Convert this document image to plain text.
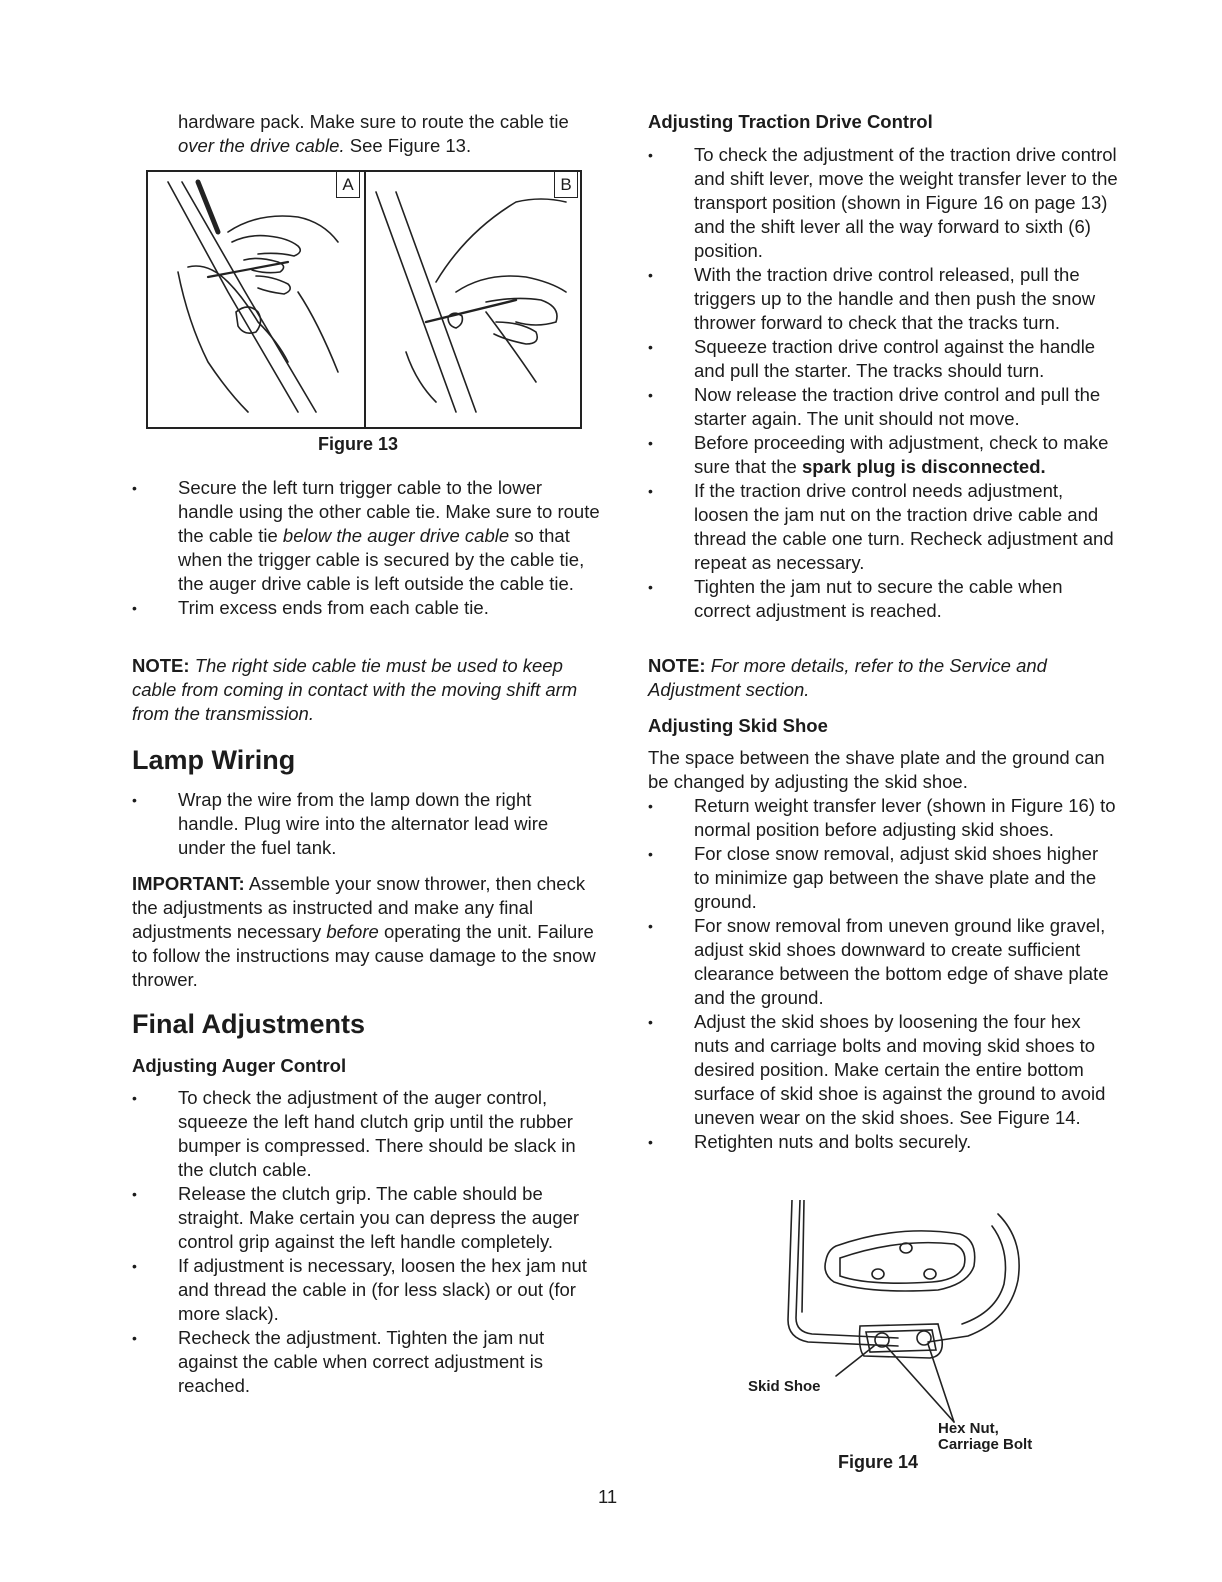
hardware pack. Make sure to route the cable tie over the drive cable. See Figure 13.

A	B
Figure 13
• Secure the left turn trigger cable to the lower handle using the other cable tie. Make sure to route the cable tie below the auger drive cable so that when the trigger cable is secured by the cable tie, the auger drive cable is left outside the cable tie.
• Trim excess ends from each cable tie.

NOTE: The right side cable tie must be used to keep cable from coming in contact with the moving shift arm from the transmission.

Lamp Wiring
• Wrap the wire from the lamp down the right handle. Plug wire into the alternator lead wire under the fuel tank.

IMPORTANT: Assemble your snow thrower, then check the adjustments as instructed and make any final adjustments necessary before operating the unit. Failure to follow the instructions may cause damage to the snow thrower.

Final Adjustments
Adjusting Auger Control
• To check the adjustment of the auger control, squeeze the left hand clutch grip until the rubber bumper is compressed. There should be slack in the clutch cable.
• Release the clutch grip. The cable should be straight. Make certain you can depress the auger control grip against the left handle completely.
• If adjustment is necessary, loosen the hex jam nut and thread the cable in (for less slack) or out (for more slack).
• Recheck the adjustment. Tighten the jam nut against the cable when correct adjustment is reached.
Adjusting Traction Drive Control
• To check the adjustment of the traction drive control and shift lever, move the weight transfer lever to the transport position (shown in Figure 16 on page 13) and the shift lever all the way forward to sixth (6) position.
• With the traction drive control released, pull the triggers up to the handle and then push the snow thrower forward to check that the tracks turn.
• Squeeze traction drive control against the handle and pull the starter. The tracks should turn.
• Now release the traction drive control and pull the starter again. The unit should not move.
• Before proceeding with adjustment, check to make sure that the spark plug is disconnected.
• If the traction drive control needs adjustment, loosen the jam nut on the traction drive cable and thread the cable one turn. Recheck adjustment and repeat as necessary.
• Tighten the jam nut to secure the cable when correct adjustment is reached.

NOTE: For more details, refer to the Service and Adjustment section.

Adjusting Skid Shoe

The space between the shave plate and the ground can be changed by adjusting the skid shoe.

• Return weight transfer lever (shown in Figure 16) to normal position before adjusting skid shoes.
• For close snow removal, adjust skid shoes higher to minimize gap between the shave plate and the ground.
• For snow removal from uneven ground like gravel, adjust skid shoes downward to create sufficient clearance between the bottom edge of shave plate and the ground.
• Adjust the skid shoes by loosening the four hex nuts and carriage bolts and moving skid shoes to desired position. Make certain the entire bottom surface of skid shoe is against the ground to avoid uneven wear on the skid shoes. See Figure 14.
• Retighten nuts and bolts securely.
Skid Shoe
Hex Nut,
Carriage Bolt
Figure 14
11
